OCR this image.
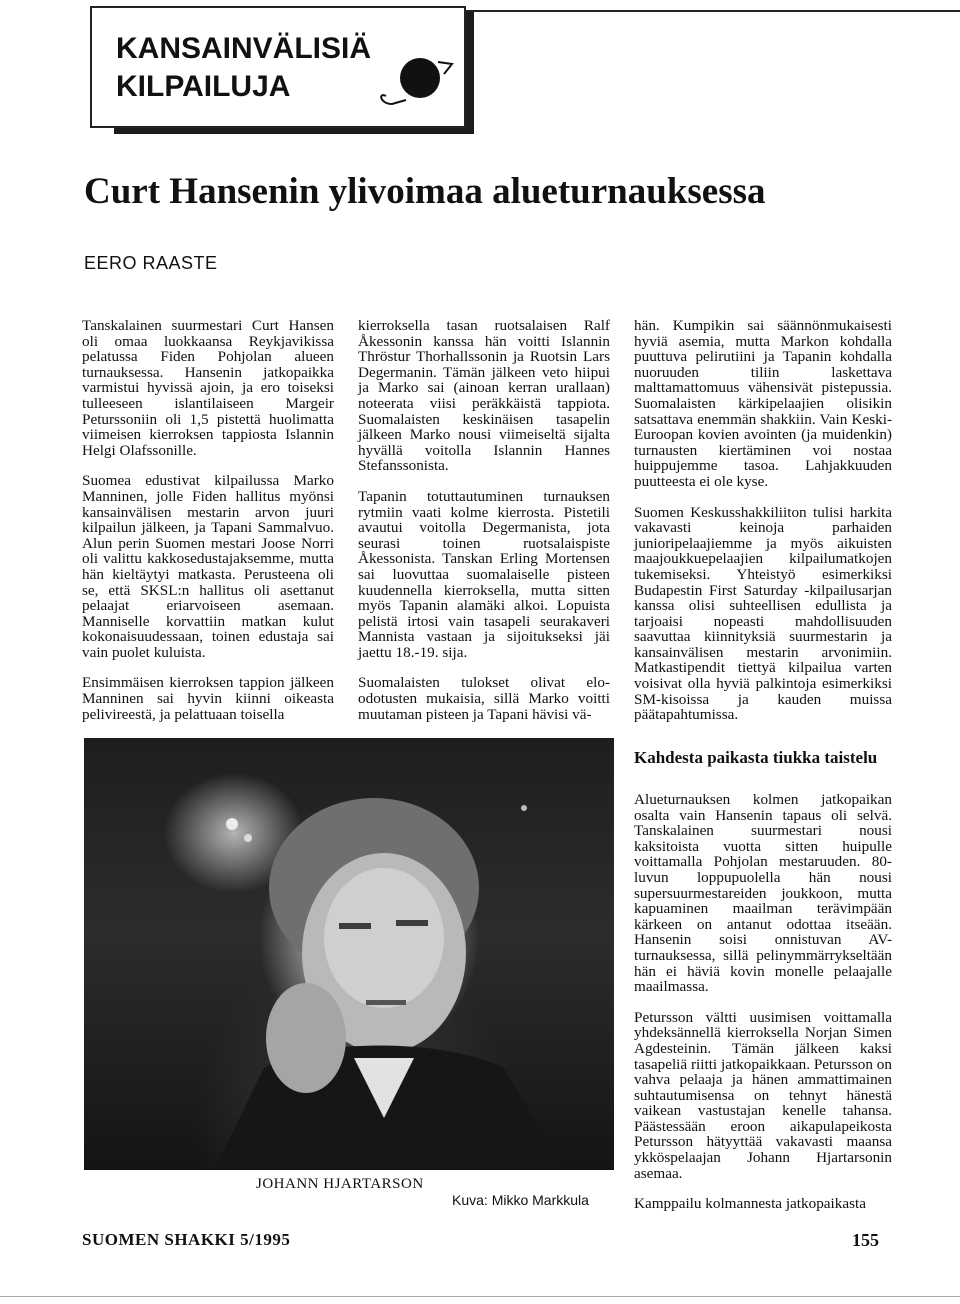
KANSAINVÄLISIÄ
KILPAILUJA
Curt Hansenin ylivoimaa alueturnauksessa
EERO RAASTE

Tanskalainen suurmestari Curt Hansen oli omaa luokkaansa Reykjavikissa pelatussa Fiden Pohjolan alueen turnauksessa. Hansenin jatkopaikka varmistui hyvissä ajoin, ja ero toiseksi tulleeseen islantilaiseen Margeir Peturssoniin oli 1,5 pistettä huolimatta viimeisen kierroksen tappiosta Islannin Helgi Olafssonille.

Suomea edustivat kilpailussa Marko Manninen, jolle Fiden hallitus myönsi kansainvälisen mestarin arvon juuri kilpailun jälkeen, ja Tapani Sammalvuo. Alun perin Suomen mestari Joose Norri oli valittu kakkosedustajaksemme, mutta hän kieltäytyi matkasta. Perusteena oli se, että SKSL:n hallitus oli asettanut pelaajat eriarvoiseen asemaan. Manniselle korvattiin matkan kulut kokonaisuudessaan, toinen edustaja sai vain puolet kuluista.

Ensimmäisen kierroksen tappion jälkeen Manninen sai hyvin kiinni oikeasta pelivireestä, ja pelattuaan toisella

kierroksella tasan ruotsalaisen Ralf Åkessonin kanssa hän voitti Islannin Thröstur Thorhallssonin ja Ruotsin Lars Degermanin. Tämän jälkeen veto hiipui ja Marko sai (ainoan kerran urallaan) noteerata viisi peräkkäistä tappiota. Suomalaisten keskinäisen tasapelin jälkeen Marko nousi viimeiseltä sijalta hyvällä voitolla Islannin Hannes Stefanssonista.

Tapanin totuttautuminen turnauksen rytmiin vaati kolme kierrosta. Pistetili avautui voitolla Degermanista, jota seurasi toinen ruotsalaispiste Åkessonista. Tanskan Erling Mortensen sai luovuttaa suomalaiselle pisteen kuudennella kierroksella, mutta sitten myös Tapanin alamäki alkoi. Lopuista pelistä irtosi vain tasapeli seurakaveri Mannista vastaan ja sijoitukseksi jäi jaettu 18.-19. sija.

Suomalaisten tulokset olivat elo-odotusten mukaisia, sillä Marko voitti muutaman pisteen ja Tapani hävisi vä-

hän. Kumpikin sai säännönmukaisesti hyviä asemia, mutta Markon kohdalla puuttuva pelirutiini ja Tapanin kohdalla nuoruuden tiliin laskettava malttamattomuus vähensivät pistepussia. Suomalaisten kärkipelaajien olisikin satsattava enemmän shakkiin. Vain Keski-Euroopan kovien avointen (ja muidenkin) turnausten kiertäminen voi nostaa huippujemme tasoa. Lahjakkuuden puutteesta ei ole kyse.

Suomen Keskusshakkiliiton tulisi harkita vakavasti keinoja parhaiden junioripelaajiemme ja myös aikuisten maajoukkuepelaajien kilpailumatkojen tukemiseksi. Yhteistyö esimerkiksi Budapestin First Saturday -kilpailusarjan kanssa olisi suhteellisen edullista ja tarjoaisi nopeasti mahdollisuuden saavuttaa kiinnityksiä suurmestarin ja kansainvälisen mestarin arvonimiin. Matkastipendit tiettyä kilpailua varten voisivat olla hyviä palkintoja esimerkiksi SM-kisoissa ja kauden muissa päätapahtumissa.

Kahdesta paikasta tiukka taistelu

Alueturnauksen kolmen jatkopaikan osalta vain Hansenin tapaus oli selvä. Tanskalainen suurmestari nousi kaksitoista vuotta sitten huipulle voittamalla Pohjolan mestaruuden. 80-luvun loppupuolella hän nousi supersuurmestareiden joukkoon, mutta kapuaminen maailman terävimpään kärkeen on antanut odottaa itseään. Hansenin soisi onnistuvan AV-turnauksessa, sillä pelinymmärrykseltään hän ei häviä kovin monelle pelaajalle maailmassa.

Petursson vältti uusimisen voittamalla yhdeksännellä kierroksella Norjan Simen Agdesteinin. Tämän jälkeen kaksi tasapeliä riitti jatkopaikkaan. Petursson on vahva pelaaja ja hänen ammattimainen suhtautumisensa on tehnyt hänestä vaikean vastustajan kenelle tahansa. Päästessään eroon aikapulapeikosta Petursson hätyyttää vakavasti maansa ykköspelaajan Johann Hjartarsonin asemaa.

Kamppailu kolmannesta jatkopaikasta

JOHANN HJARTARSON
Kuva: Mikko Markkula
SUOMEN SHAKKI 5/1995	155
